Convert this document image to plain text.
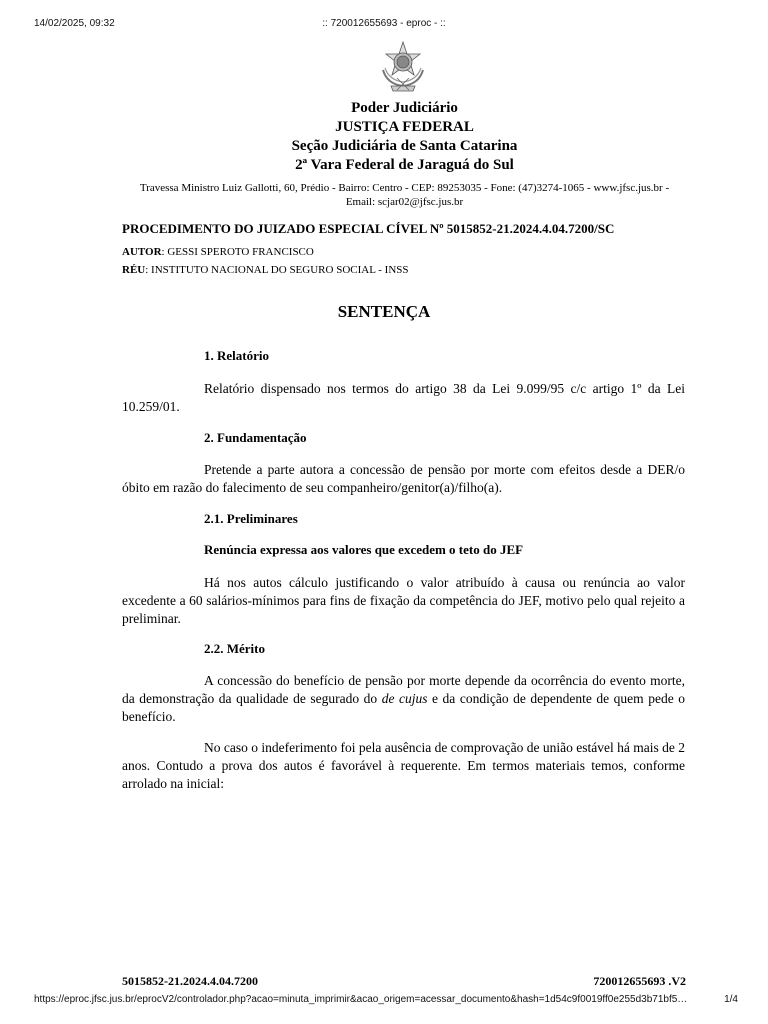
14/02/2025, 09:32	:: 720012655693 - eproc - ::
Poder Judiciário
JUSTIÇA FEDERAL
Seção Judiciária de Santa Catarina
2ª Vara Federal de Jaraguá do Sul
Travessa Ministro Luiz Gallotti, 60, Prédio - Bairro: Centro - CEP: 89253035 - Fone: (47)3274-1065 - www.jfsc.jus.br -
Email: scjar02@jfsc.jus.br
PROCEDIMENTO DO JUIZADO ESPECIAL CÍVEL Nº 5015852-21.2024.4.04.7200/SC
AUTOR: GESSI SPEROTO FRANCISCO
RÉU: INSTITUTO NACIONAL DO SEGURO SOCIAL - INSS
SENTENÇA
1. Relatório
Relatório dispensado nos termos do artigo 38 da Lei 9.099/95 c/c artigo 1º da Lei 10.259/01.
2. Fundamentação
Pretende a parte autora a concessão de pensão por morte com efeitos desde a DER/o óbito em razão do falecimento de seu companheiro/genitor(a)/filho(a).
2.1. Preliminares
Renúncia expressa aos valores que excedem o teto do JEF
Há nos autos cálculo justificando o valor atribuído à causa ou renúncia ao valor excedente a 60 salários-mínimos para fins de fixação da competência do JEF, motivo pelo qual rejeito a preliminar.
2.2. Mérito
A concessão do benefício de pensão por morte depende da ocorrência do evento morte, da demonstração da qualidade de segurado do de cujus e da condição de dependente de quem pede o benefício.
No caso o indeferimento foi pela ausência de comprovação de união estável há mais de 2 anos. Contudo a prova dos autos é favorável à requerente. Em termos materiais temos, conforme arrolado na inicial:
5015852-21.2024.4.04.7200	720012655693 .V2
https://eproc.jfsc.jus.br/eprocV2/controlador.php?acao=minuta_imprimir&acao_origem=acessar_documento&hash=1d54c9f0019ff0e255d3b71bf5…	1/4
